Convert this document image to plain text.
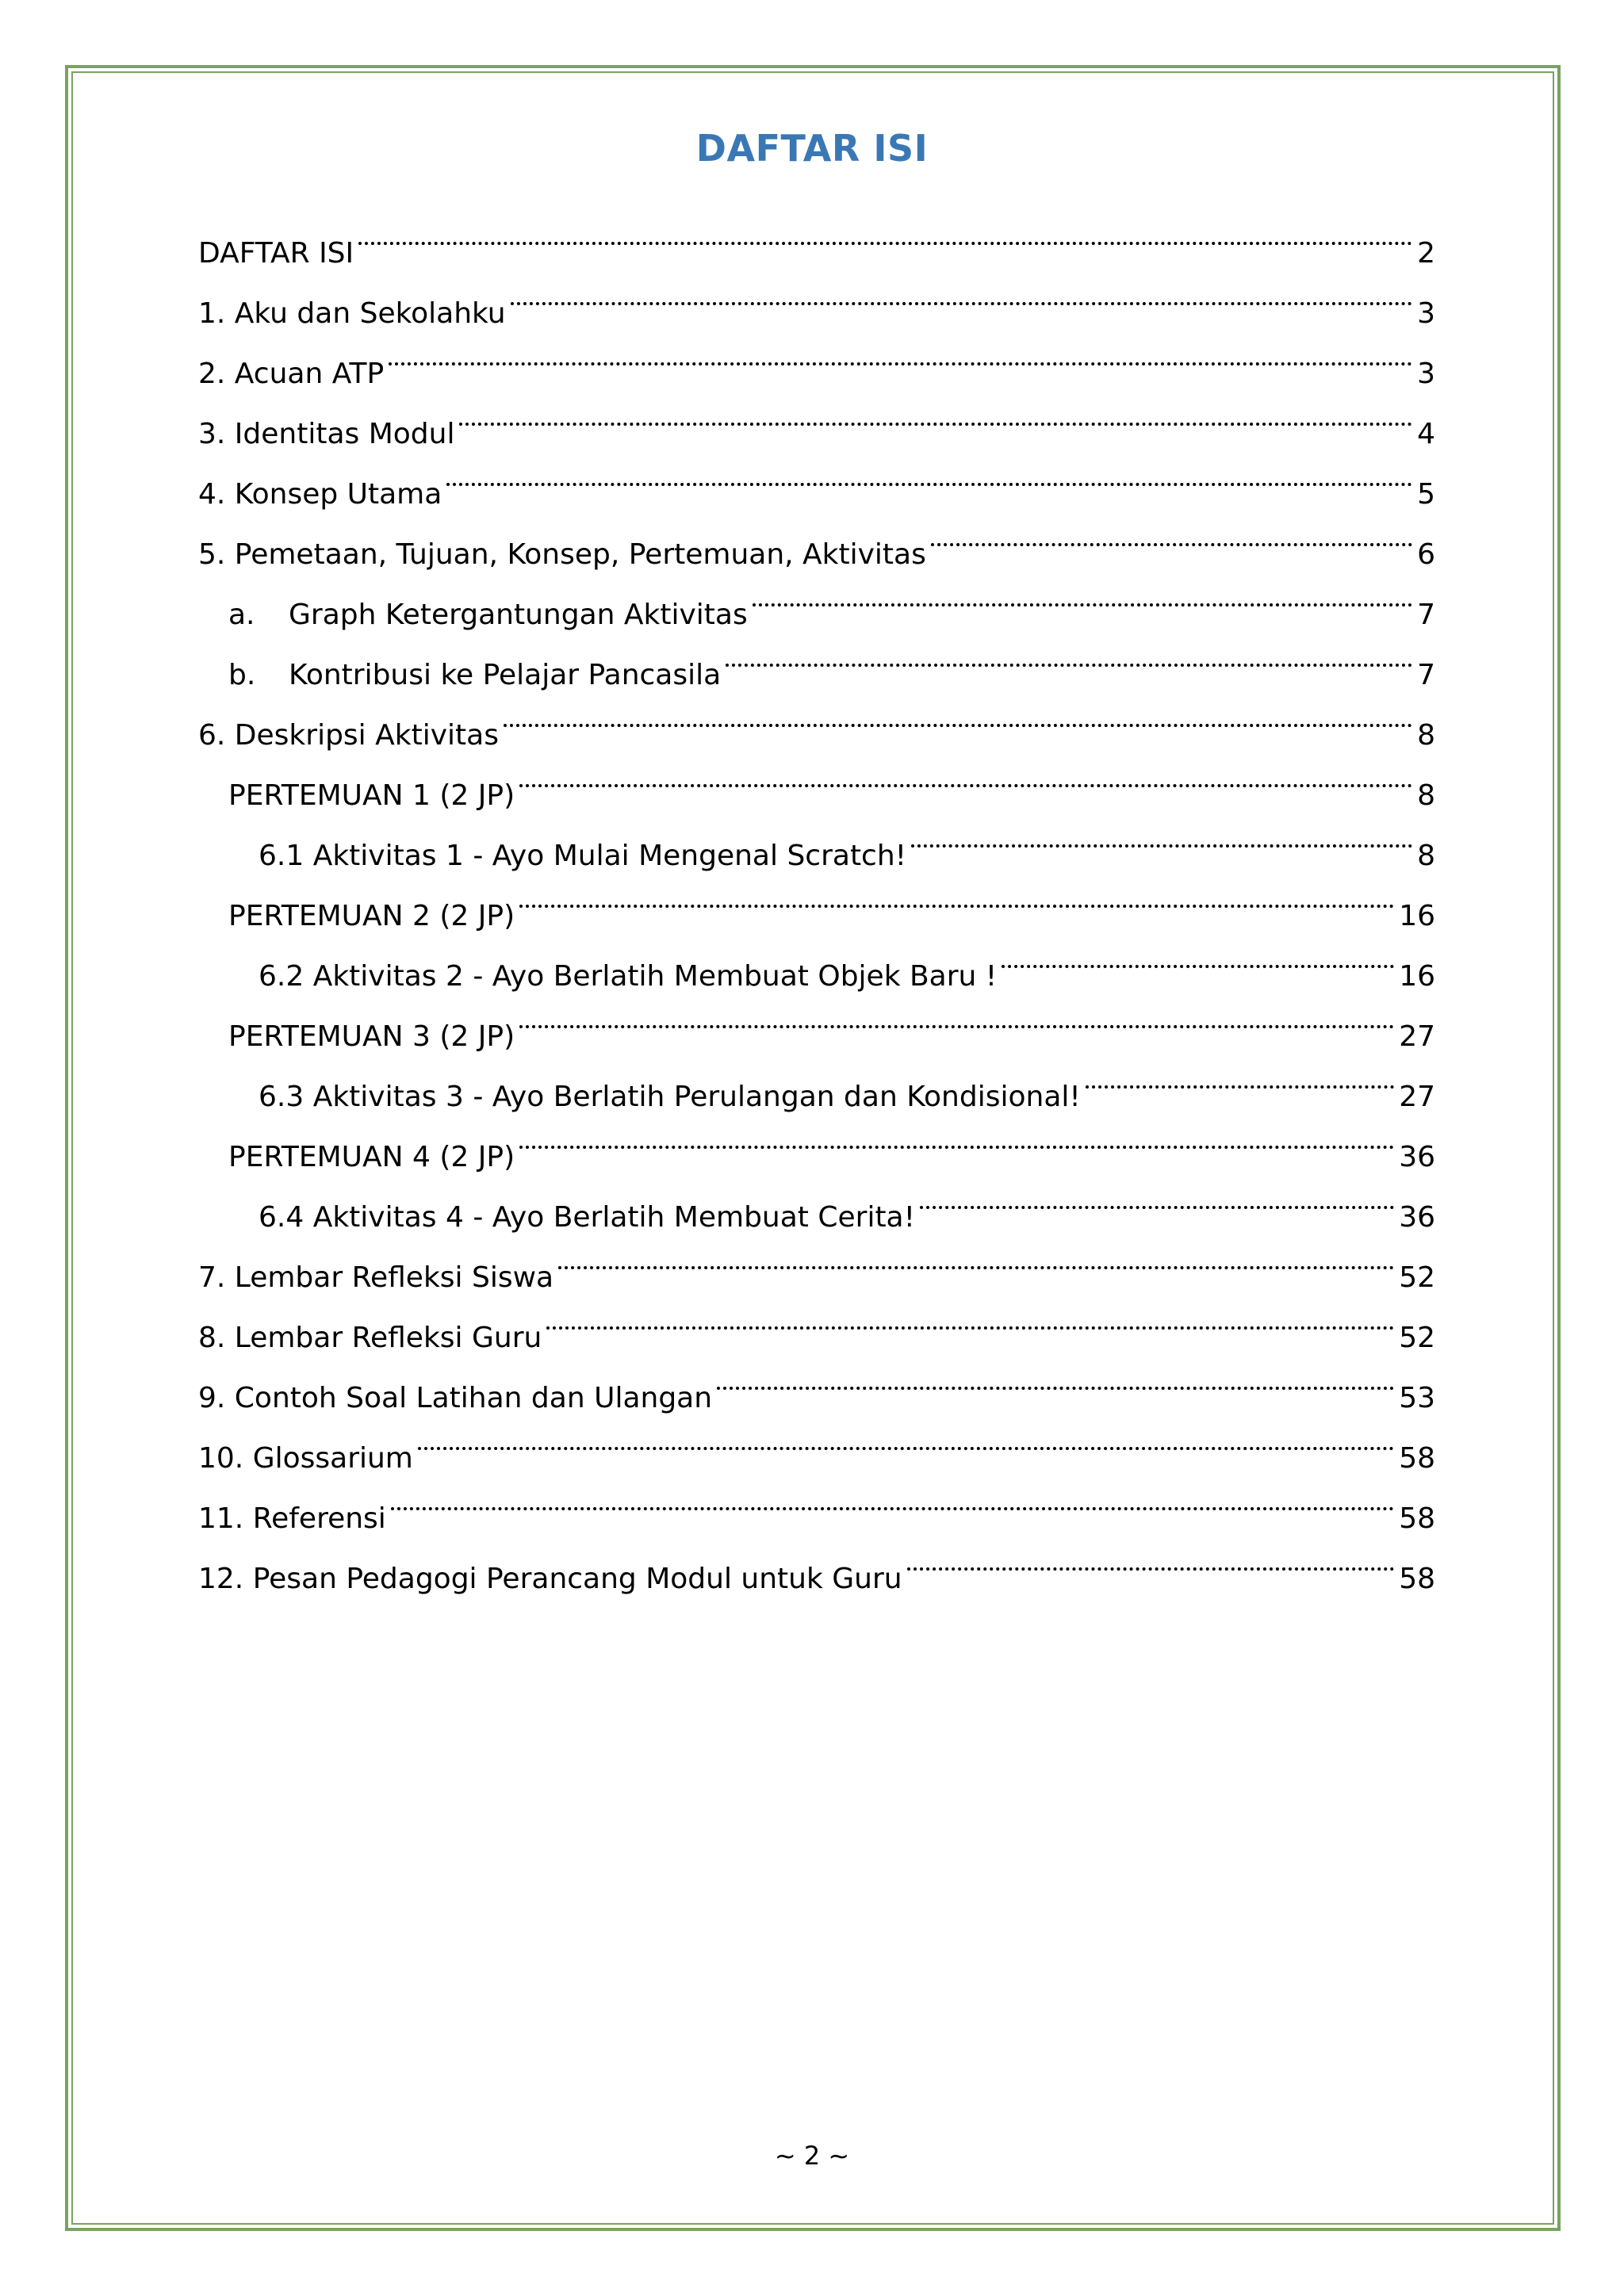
DAFTAR ISI
DAFTAR ISI	2
1. Aku dan Sekolahku	3
2. Acuan ATP	3
3. Identitas Modul	4
4. Konsep Utama	5
5. Pemetaan, Tujuan, Konsep, Pertemuan, Aktivitas	6
a.	Graph Ketergantungan Aktivitas	7
b.	Kontribusi ke Pelajar Pancasila	7
6. Deskripsi Aktivitas	8
PERTEMUAN 1 (2 JP)	8
6.1 Aktivitas 1 - Ayo Mulai Mengenal Scratch!	8
PERTEMUAN 2 (2 JP)	16
6.2 Aktivitas 2 - Ayo Berlatih Membuat Objek Baru !	16
PERTEMUAN 3 (2 JP)	27
6.3 Aktivitas 3 - Ayo Berlatih Perulangan dan Kondisional!	27
PERTEMUAN 4 (2 JP)	36
6.4 Aktivitas 4 - Ayo Berlatih Membuat Cerita!	36
7. Lembar Refleksi Siswa	52
8. Lembar Refleksi Guru	52
9. Contoh Soal Latihan dan Ulangan	53
10. Glossarium	58
11. Referensi	58
12. Pesan Pedagogi Perancang Modul untuk Guru	58
~ 2 ~
